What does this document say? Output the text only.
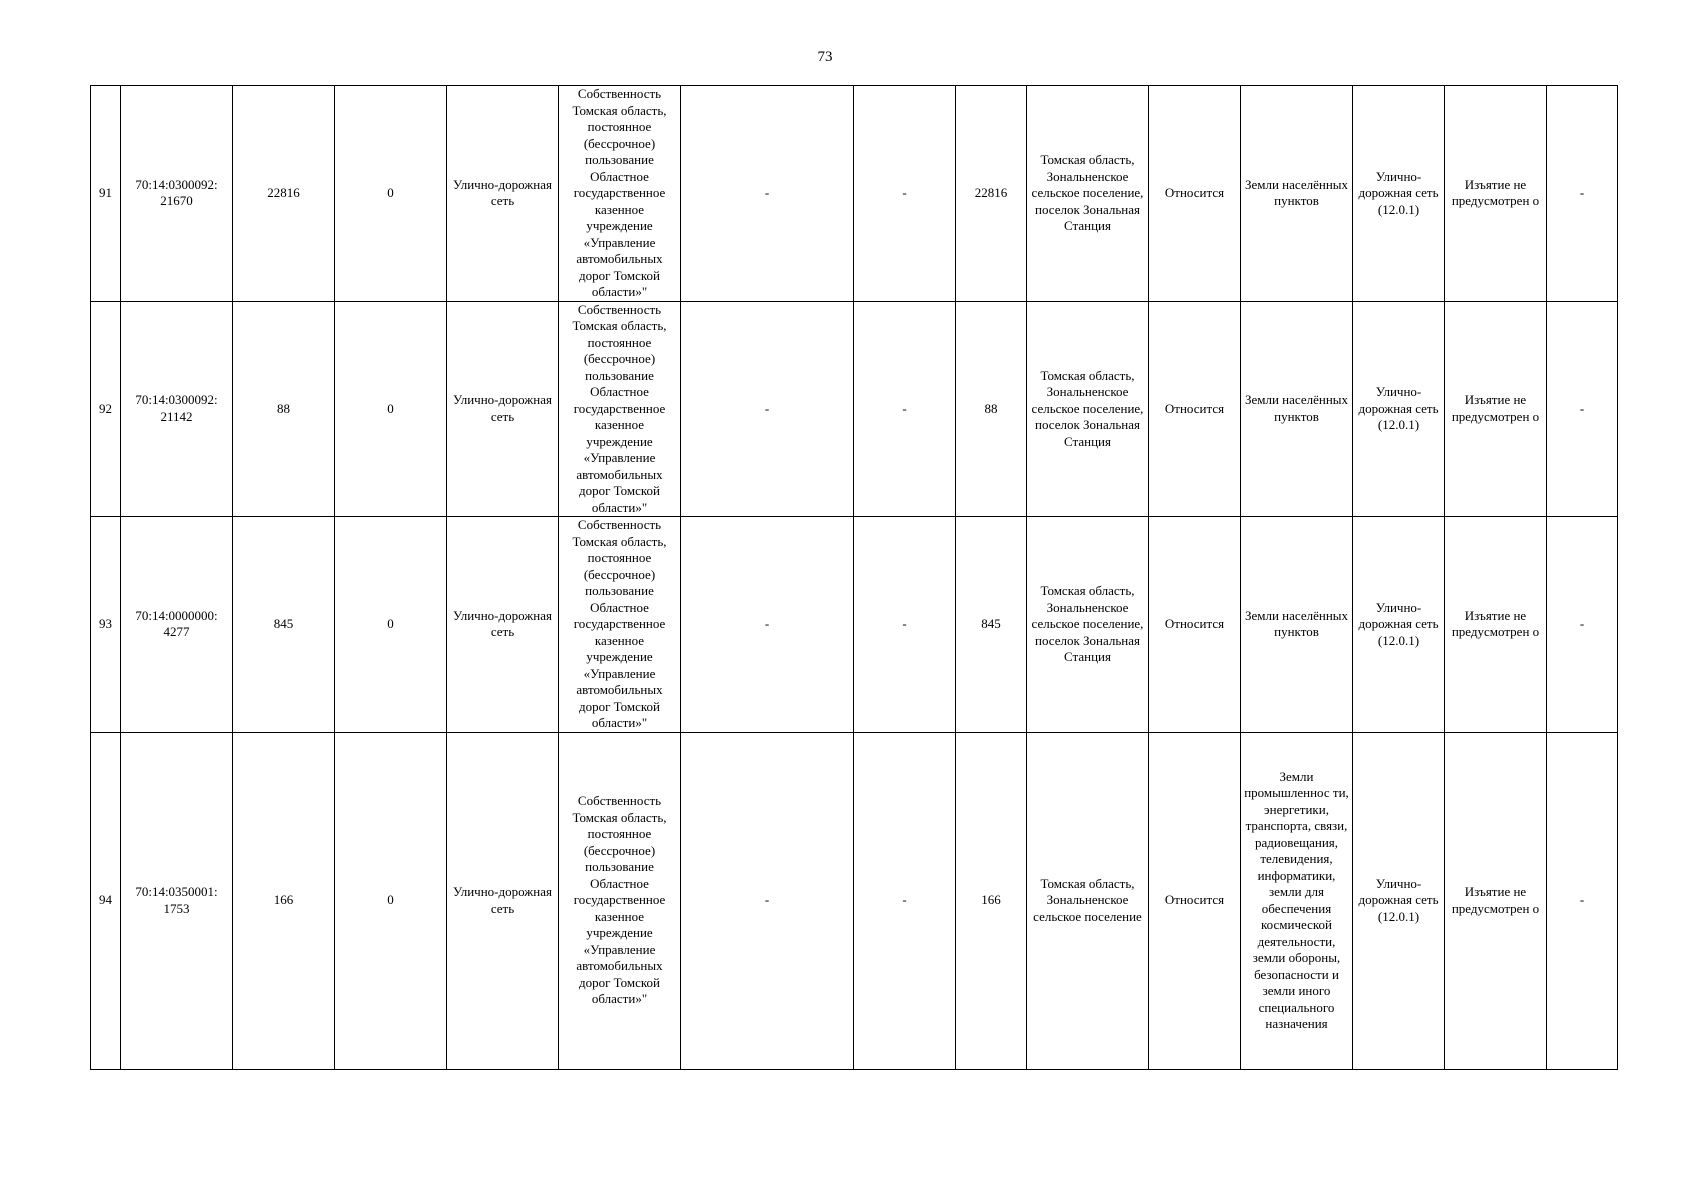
73
91	70:14:0300092: 21670	22816	0	Улично-дорожная сеть	Собственность Томская область, постоянное (бессрочное) пользование Областное государственное казенное учреждение «Управление автомобильных дорог Томской области»"	-	-	22816	Томская область, Зональненское сельское поселение, поселок Зональная Станция	Относится	Земли населённых пунктов	Улично-дорожная сеть (12.0.1)	Изъятие не предусмотрен о	-
92	70:14:0300092: 21142	88	0	Улично-дорожная сеть	Собственность Томская область, постоянное (бессрочное) пользование Областное государственное казенное учреждение «Управление автомобильных дорог Томской области»"	-	-	88	Томская область, Зональненское сельское поселение, поселок Зональная Станция	Относится	Земли населённых пунктов	Улично-дорожная сеть (12.0.1)	Изъятие не предусмотрен о	-
93	70:14:0000000: 4277	845	0	Улично-дорожная сеть	Собственность Томская область, постоянное (бессрочное) пользование Областное государственное казенное учреждение «Управление автомобильных дорог Томской области»"	-	-	845	Томская область, Зональненское сельское поселение, поселок Зональная Станция	Относится	Земли населённых пунктов	Улично-дорожная сеть (12.0.1)	Изъятие не предусмотрен о	-
94	70:14:0350001: 1753	166	0	Улично-дорожная сеть	Собственность Томская область, постоянное (бессрочное) пользование Областное государственное казенное учреждение «Управление автомобильных дорог Томской области»"	-	-	166	Томская область, Зональненское сельское поселение	Относится	Земли промышленнос ти, энергетики, транспорта, связи, радиовещания, телевидения, информатики, земли для обеспечения космической деятельности, земли обороны, безопасности и земли иного специального назначения	Улично-дорожная сеть (12.0.1)	Изъятие не предусмотрен о	-
